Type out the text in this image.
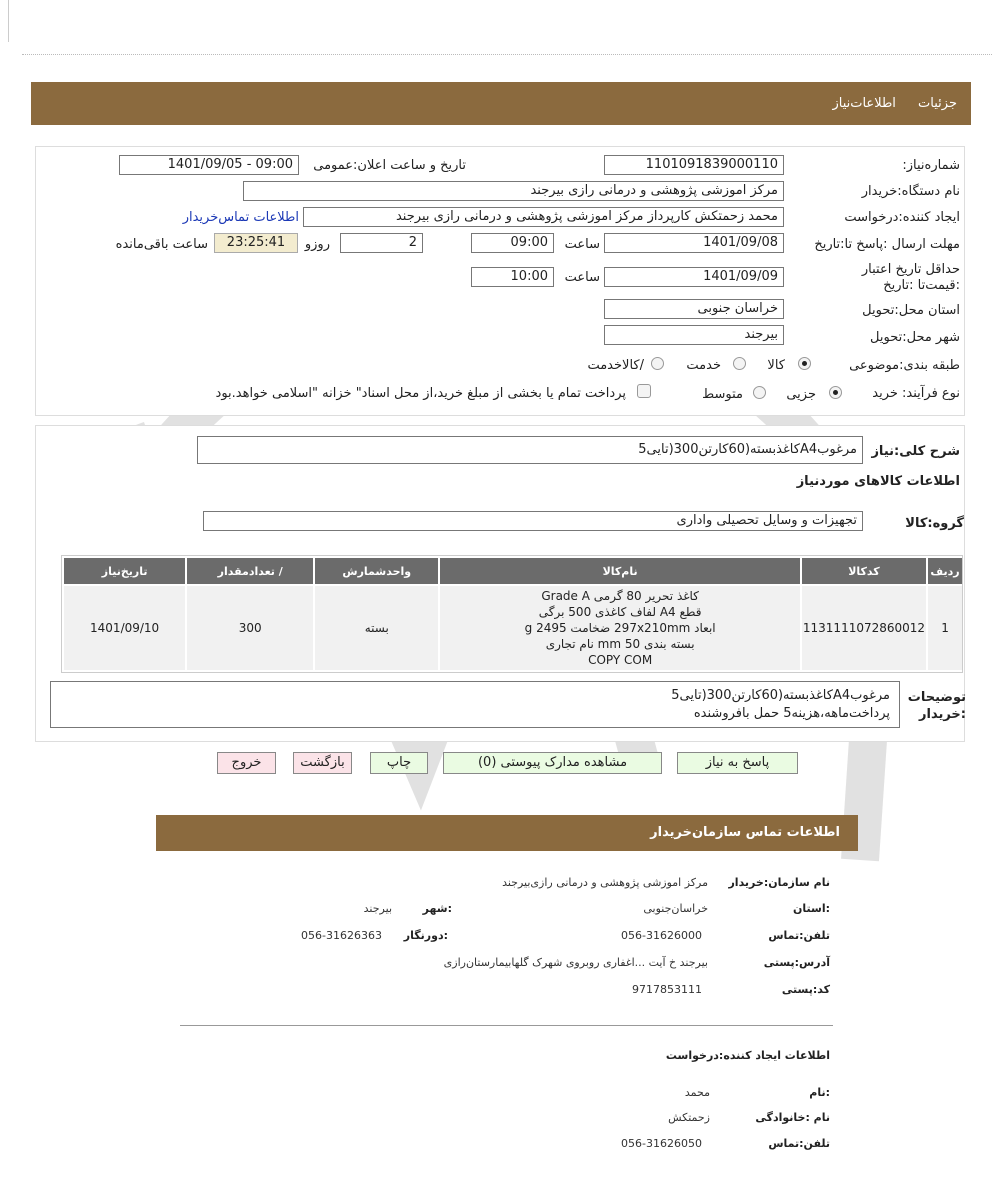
جزئیات اطلاعات‌نیاز
شماره‌نیاز:
1101091839000110
تاریخ و ساعت اعلان:عمومی
1401/09/05 - 09:00
نام دستگاه:خریدار
مرکز اموزشی پژوهشی و درمانی رازی بیرجند
ایجاد کننده:درخواست
محمد زحمتکش کارپرداز مرکز اموزشی پژوهشی و درمانی رازی بیرجند
اطلاعات تماس‌خریدار
مهلت ارسال :پاسخ تا:تاریخ
1401/09/08
ساعت
09:00
2
روزو
23:25:41
ساعت باقی‌مانده
حداقل تاریخ اعتبار :قیمت‌تا :تاریخ
1401/09/09
ساعت
10:00
استان محل:تحویل
خراسان جنوبی
شهر محل:تحویل
بیرجند
طبقه بندی:موضوعی
کالا
خدمت
/کالاخدمت
نوع فرآیند: خرید
جزیی
متوسط
پرداخت تمام یا بخشی از مبلغ خرید،از محل اسناد" خزانه "اسلامی خواهد.بود
شرح کلی:نیاز
مرغوبA4کاغذبسته(60کارتن300(تایی5
اطلاعات کالاهای موردنیاز
گروه:کالا
تجهیزات و وسایل تحصیلی واداری
ردیف	کدکالا	نام‌کالا	واحدشمارش	/ تعدادمقدار	تاریخ‌نیاز
1	1131111072860012	کاغذ تحریر 80 گرمی Grade A
قطع A4 لفاف کاغذی 500 برگی
ابعاد 297x210mm ضخامت 2495 g
بسته بندی 50 mm نام تجاری
COPY COM	بسته	300	1401/09/10
توضیحات
:خریدار
مرغوبA4کاغذبسته(60کارتن300(تایی5
پرداخت‌ماهه،هزینه5 حمل بافروشنده
پاسخ به نیاز
مشاهده مدارک پیوستی (0)
چاپ
بازگشت
خروج
اطلاعات تماس سازمان‌خریدار
نام سازمان:خریدار
مرکز اموزشی پژوهشی و درمانی رازی‌بیرجند
:استان
خراسان‌جنوبی
:شهر
بیرجند
تلفن:تماس
056-31626000
:دورنگار
056-31626363
آدرس:پستی
بیرجند خ آیت ...اغفاری روبروی شهرک گلهابیمارستان‌رازی
کد:پستی
9717853111
اطلاعات ایجاد کننده:درخواست
:نام
محمد
نام :خانوادگی
زحمتکش
تلفن:تماس
056-31626050
